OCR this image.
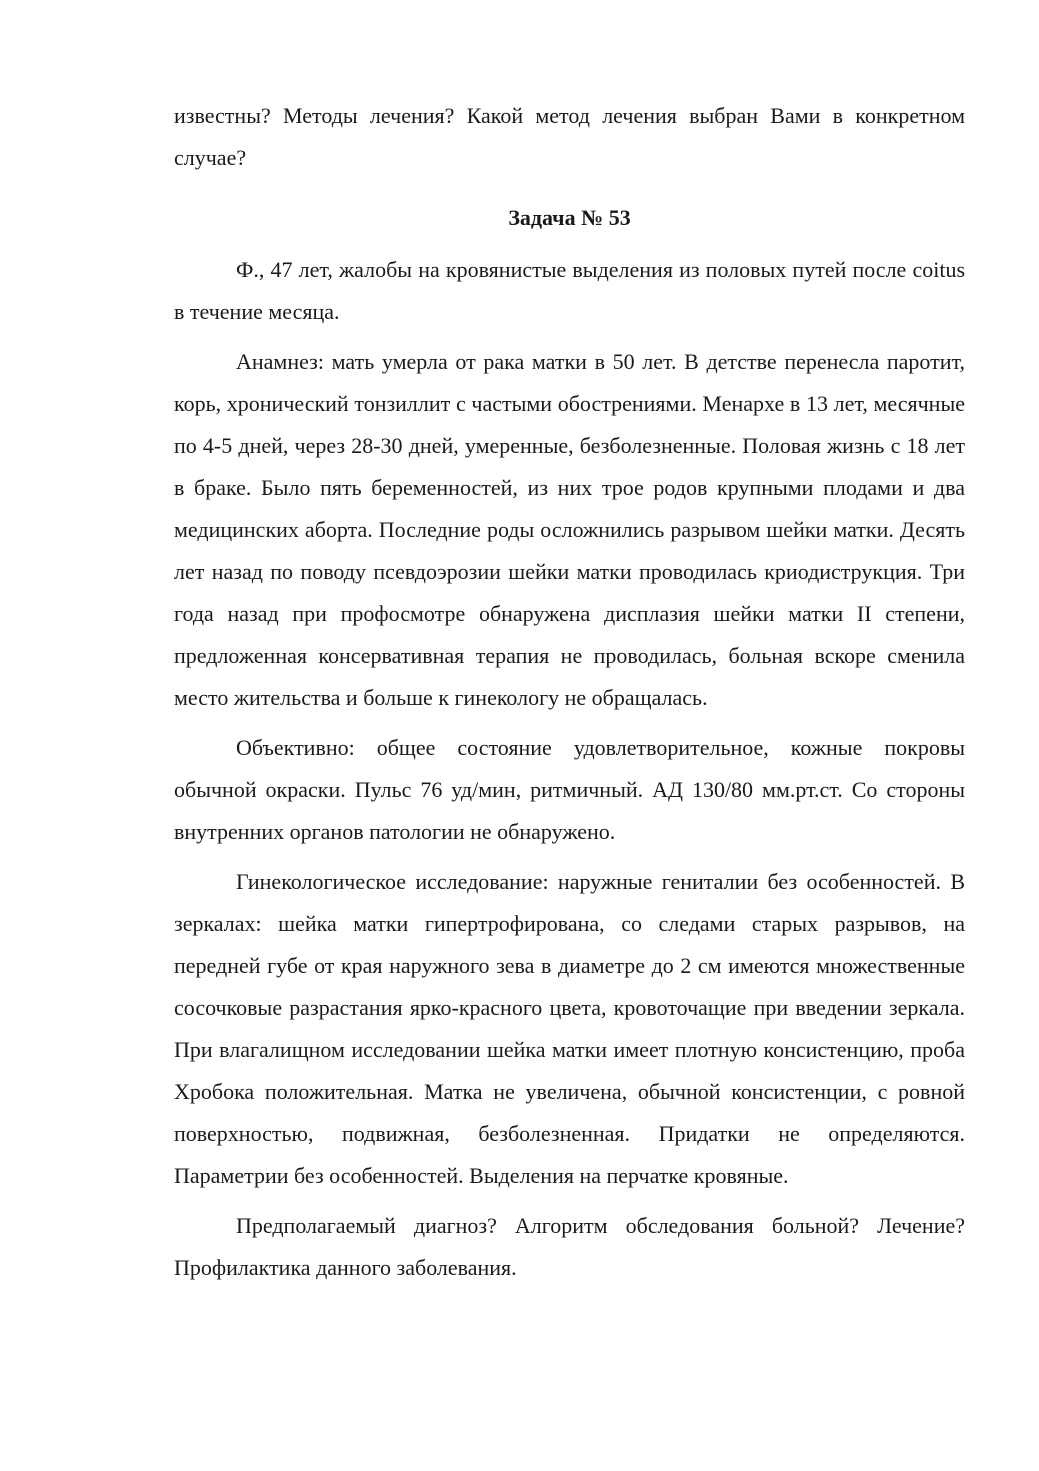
известны? Методы лечения? Какой метод лечения выбран Вами в конкретном случае?

Задача № 53

Ф., 47 лет, жалобы на кровянистые выделения из половых путей после coitus в течение месяца.

Анамнез: мать умерла от рака матки в 50 лет. В детстве перенесла паротит, корь, хронический тонзиллит с частыми обострениями. Менархе в 13 лет, месячные по 4-5 дней, через 28-30 дней, умеренные, безболезненные. Половая жизнь с 18 лет в браке. Было пять беременностей, из них трое родов крупными плодами и два медицинских аборта. Последние роды осложнились разрывом шейки матки. Десять лет назад по поводу псевдоэрозии шейки матки проводилась криодиструкция. Три года назад при профосмотре обнаружена дисплазия шейки матки II степени, предложенная консервативная терапия не проводилась, больная вскоре сменила место жительства и больше к гинекологу не обращалась.

Объективно: общее состояние удовлетворительное, кожные покровы обычной окраски. Пульс 76 уд/мин, ритмичный. АД 130/80 мм.рт.ст. Со стороны внутренних органов патологии не обнаружено.

Гинекологическое исследование: наружные гениталии без особенностей. В зеркалах: шейка матки гипертрофирована, со следами старых разрывов, на передней губе от края наружного зева в диаметре до 2 см имеются множественные сосочковые разрастания ярко-красного цвета, кровоточащие при введении зеркала. При влагалищном исследовании шейка матки имеет плотную консистенцию, проба Хробока положительная. Матка не увеличена, обычной консистенции, с ровной поверхностью, подвижная, безболезненная. Придатки не определяются. Параметрии без особенностей. Выделения на перчатке кровяные.

Предполагаемый диагноз? Алгоритм обследования больной? Лечение? Профилактика данного заболевания.
